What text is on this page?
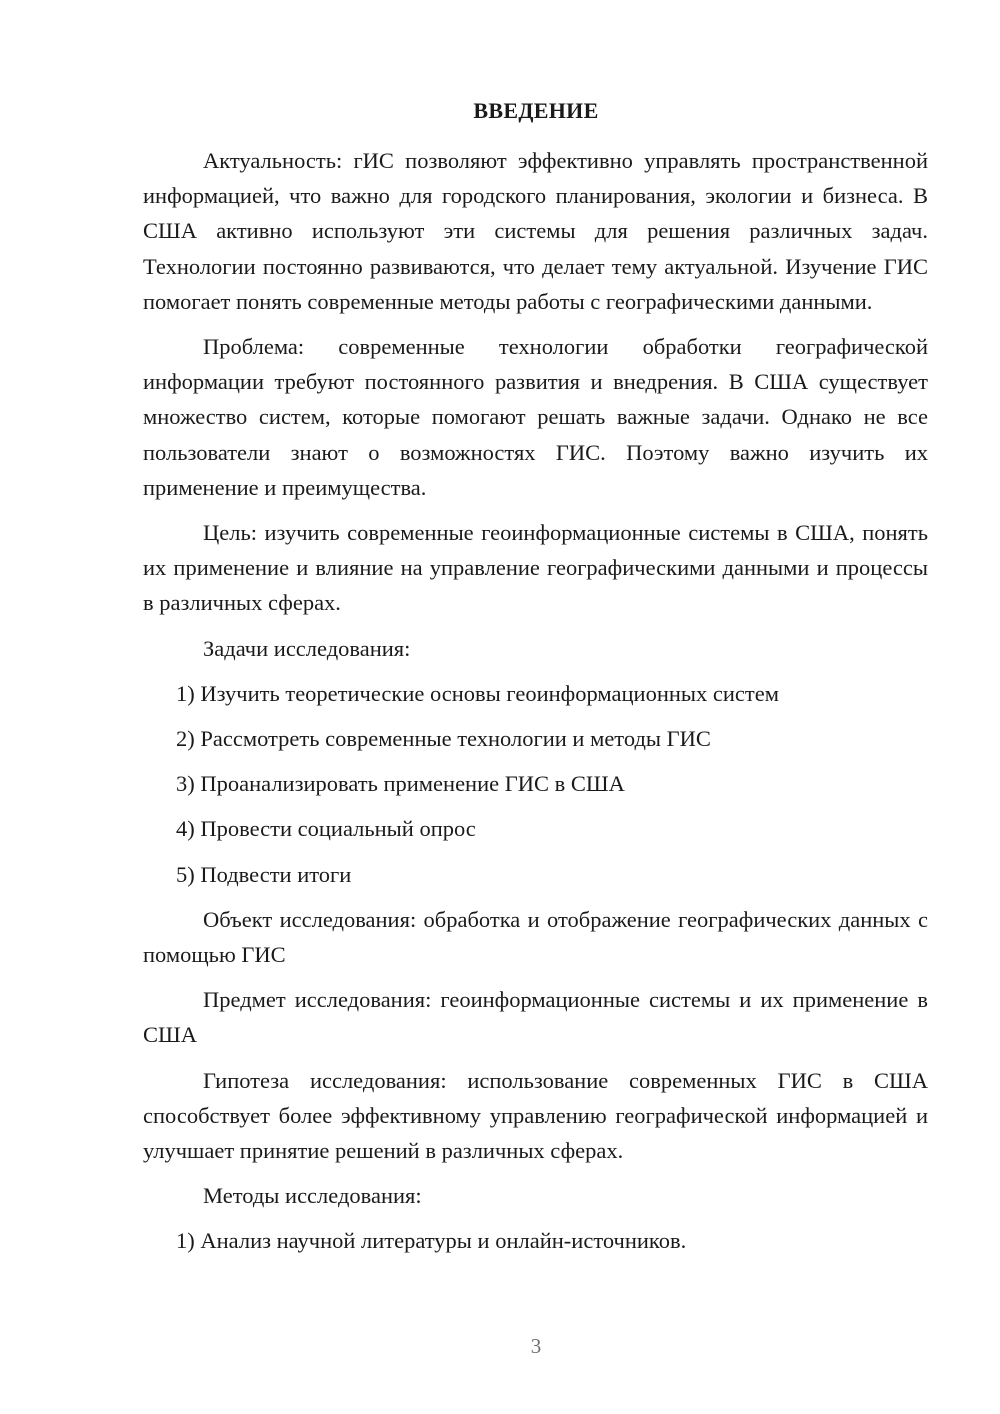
ВВЕДЕНИЕ

Актуальность: гИС позволяют эффективно управлять пространственной информацией, что важно для городского планирования, экологии и бизнеса. В США активно используют эти системы для решения различных задач. Технологии постоянно развиваются, что делает тему актуальной. Изучение ГИС помогает понять современные методы работы с географическими данными.

Проблема: современные технологии обработки географической информации требуют постоянного развития и внедрения. В США существует множество систем, которые помогают решать важные задачи. Однако не все пользователи знают о возможностях ГИС. Поэтому важно изучить их применение и преимущества.

Цель: изучить современные геоинформационные системы в США, понять их применение и влияние на управление географическими данными и процессы в различных сферах.

Задачи исследования:

1) Изучить теоретические основы геоинформационных систем

2) Рассмотреть современные технологии и методы ГИС

3) Проанализировать применение ГИС в США

4) Провести социальный опрос

5) Подвести итоги

Объект исследования: обработка и отображение географических данных с помощью ГИС

Предмет исследования: геоинформационные системы и их применение в США

Гипотеза исследования: использование современных ГИС в США способствует более эффективному управлению географической информацией и улучшает принятие решений в различных сферах.

Методы исследования:

1) Анализ научной литературы и онлайн-источников.

3
